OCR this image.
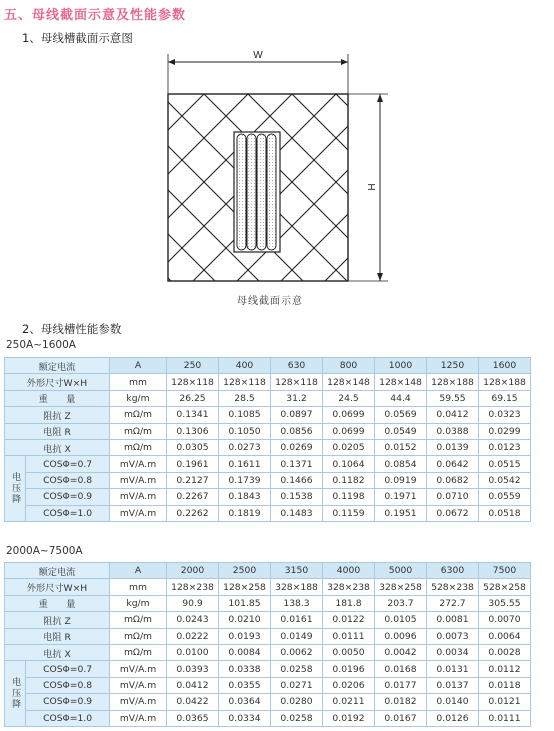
五、母线截面示意及性能参数
1、母线槽截面示意图
W
H
母线截面示意
2、母线槽性能参数
250A~1600A
额定电流		A	250	400	630	800	1000	1250	1600
外形尺寸W×H		mm	128×118	128×118	128×118	128×148	128×148	128×188	128×188
重　　量		kg/m	26.25	28.5	31.2	24.5	44.4	59.55	69.15
阻抗 Z		mΩ/m	0.1341	0.1085	0.0897	0.0699	0.0569	0.0412	0.0323
电阻 R		mΩ/m	0.1306	0.1050	0.0856	0.0699	0.0549	0.0388	0.0299
电抗 X		mΩ/m	0.0305	0.0273	0.0269	0.0205	0.0152	0.0139	0.0123
电压降	COSΦ=0.7	mV/A.m	0.1961	0.1611	0.1371	0.1064	0.0854	0.0642	0.0515
	COSΦ=0.8	mV/A.m	0.2127	0.1739	0.1466	0.1182	0.0919	0.0682	0.0542
	COSΦ=0.9	mV/A.m	0.2267	0.1843	0.1538	0.1198	0.1971	0.0710	0.0559
	COSΦ=1.0	mV/A.m	0.2262	0.1819	0.1483	0.1159	0.1951	0.0672	0.0518
2000A~7500A
额定电流		A	2000	2500	3150	4000	5000	6300	7500
外形尺寸W×H		mm	128×238	128×258	328×188	328×238	328×258	528×238	528×258
重　　量		kg/m	90.9	101.85	138.3	181.8	203.7	272.7	305.55
阻抗 Z		mΩ/m	0.0243	0.0210	0.0161	0.0122	0.0105	0.0081	0.0070
电阻 R		mΩ/m	0.0222	0.0193	0.0149	0.0111	0.0096	0.0073	0.0064
电抗 X		mΩ/m	0.0100	0.0084	0.0062	0.0050	0.0042	0.0034	0.0028
电压降	COSΦ=0.7	mV/A.m	0.0393	0.0338	0.0258	0.0196	0.0168	0.0131	0.0112
	COSΦ=0.8	mV/A.m	0.0412	0.0355	0.0271	0.0206	0.0177	0.0137	0.0118
	COSΦ=0.9	mV/A.m	0.0422	0.0364	0.0280	0.0211	0.0182	0.0140	0.0121
	COSΦ=1.0	mV/A.m	0.0365	0.0334	0.0258	0.0192	0.0167	0.0126	0.0111
